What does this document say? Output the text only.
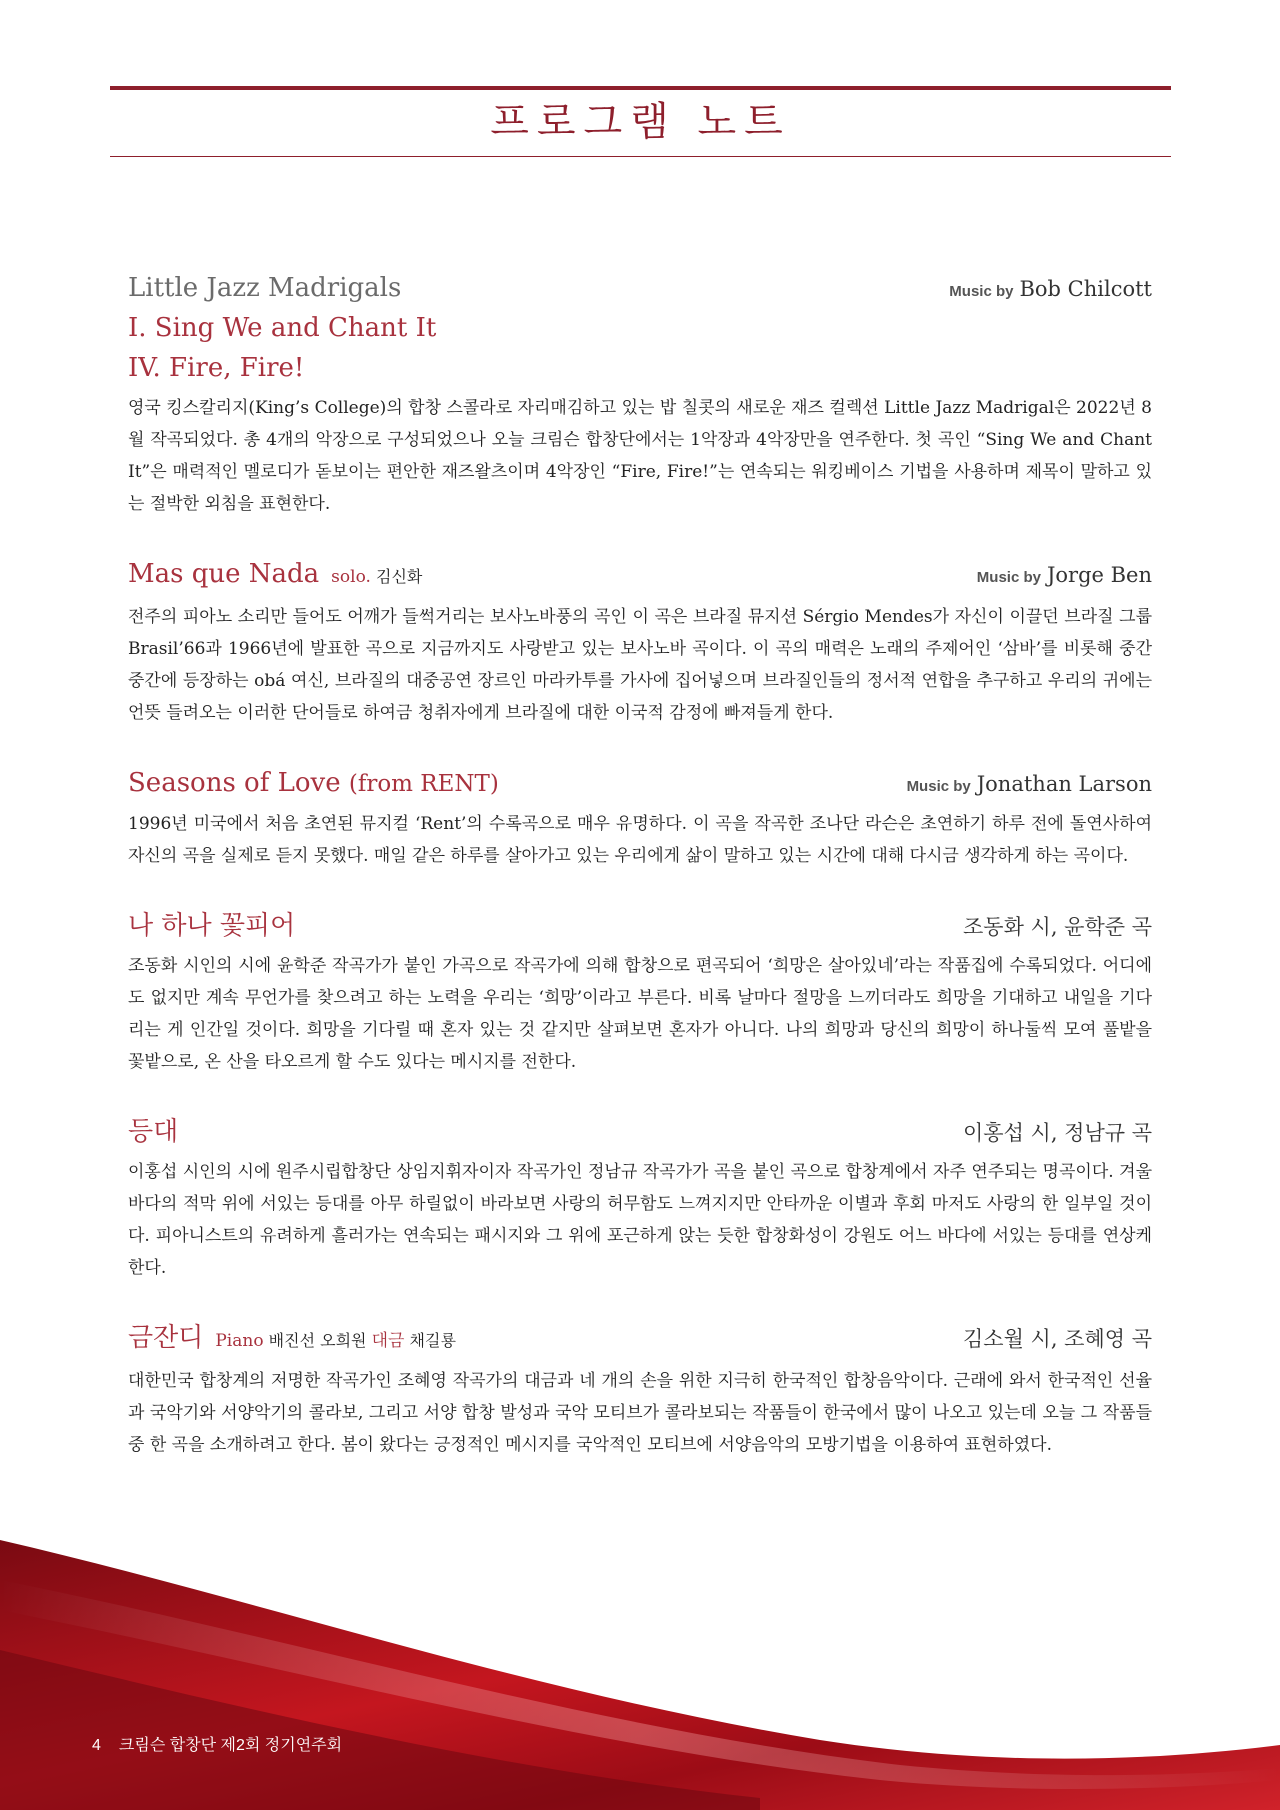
프로그램 노트
Little Jazz Madrigals	Music by Bob Chilcott
I. Sing We and Chant It
IV. Fire, Fire!

영국 킹스칼리지(King’s College)의 합창 스콜라로 자리매김하고 있는 밥 칠콧의 새로운 재즈 컬렉션 Little Jazz Madrigal은 2022년 8월 작곡되었다. 총 4개의 악장으로 구성되었으나 오늘 크림슨 합창단에서는 1악장과 4악장만을 연주한다. 첫 곡인 “Sing We and Chant It”은 매력적인 멜로디가 돋보이는 편안한 재즈왈츠이며 4악장인 “Fire, Fire!”는 연속되는 워킹베이스 기법을 사용하며 제목이 말하고 있는 절박한 외침을 표현한다.

Mas que Nada solo. 김신화	Music by Jorge Ben

전주의 피아노 소리만 들어도 어깨가 들썩거리는 보사노바풍의 곡인 이 곡은 브라질 뮤지션 Sérgio Mendes가 자신이 이끌던 브라질 그룹 Brasil’66과 1966년에 발표한 곡으로 지금까지도 사랑받고 있는 보사노바 곡이다. 이 곡의 매력은 노래의 주제어인 ‘삼바’를 비롯해 중간중간에 등장하는 obá 여신, 브라질의 대중공연 장르인 마라카투를 가사에 집어넣으며 브라질인들의 정서적 연합을 추구하고 우리의 귀에는 언뜻 들려오는 이러한 단어들로 하여금 청취자에게 브라질에 대한 이국적 감정에 빠져들게 한다.

Seasons of Love (from RENT)	Music by Jonathan Larson

1996년 미국에서 처음 초연된 뮤지컬 ‘Rent’의 수록곡으로 매우 유명하다. 이 곡을 작곡한 조나단 라슨은 초연하기 하루 전에 돌연사하여 자신의 곡을 실제로 듣지 못했다. 매일 같은 하루를 살아가고 있는 우리에게 삶이 말하고 있는 시간에 대해 다시금 생각하게 하는 곡이다.

나 하나 꽃피어	조동화 시, 윤학준 곡

조동화 시인의 시에 윤학준 작곡가가 붙인 가곡으로 작곡가에 의해 합창으로 편곡되어 ‘희망은 살아있네’라는 작품집에 수록되었다. 어디에도 없지만 계속 무언가를 찾으려고 하는 노력을 우리는 ‘희망’이라고 부른다. 비록 날마다 절망을 느끼더라도 희망을 기대하고 내일을 기다리는 게 인간일 것이다. 희망을 기다릴 때 혼자 있는 것 같지만 살펴보면 혼자가 아니다. 나의 희망과 당신의 희망이 하나둘씩 모여 풀밭을 꽃밭으로, 온 산을 타오르게 할 수도 있다는 메시지를 전한다.

등대	이홍섭 시, 정남규 곡

이홍섭 시인의 시에 원주시립합창단 상임지휘자이자 작곡가인 정남규 작곡가가 곡을 붙인 곡으로 합창계에서 자주 연주되는 명곡이다. 겨울바다의 적막 위에 서있는 등대를 아무 하릴없이 바라보면 사랑의 허무함도 느껴지지만 안타까운 이별과 후회 마저도 사랑의 한 일부일 것이다. 피아니스트의 유려하게 흘러가는 연속되는 패시지와 그 위에 포근하게 앉는 듯한 합창화성이 강원도 어느 바다에 서있는 등대를 연상케 한다.

금잔디 Piano 배진선 오희원 대금 채길룡	김소월 시, 조혜영 곡

대한민국 합창계의 저명한 작곡가인 조혜영 작곡가의 대금과 네 개의 손을 위한 지극히 한국적인 합창음악이다. 근래에 와서 한국적인 선율과 국악기와 서양악기의 콜라보, 그리고 서양 합창 발성과 국악 모티브가 콜라보되는 작품들이 한국에서 많이 나오고 있는데 오늘 그 작품들 중 한 곡을 소개하려고 한다. 봄이 왔다는 긍정적인 메시지를 국악적인 모티브에 서양음악의 모방기법을 이용하여 표현하였다.

4 크림슨 합창단 제2회 정기연주회
